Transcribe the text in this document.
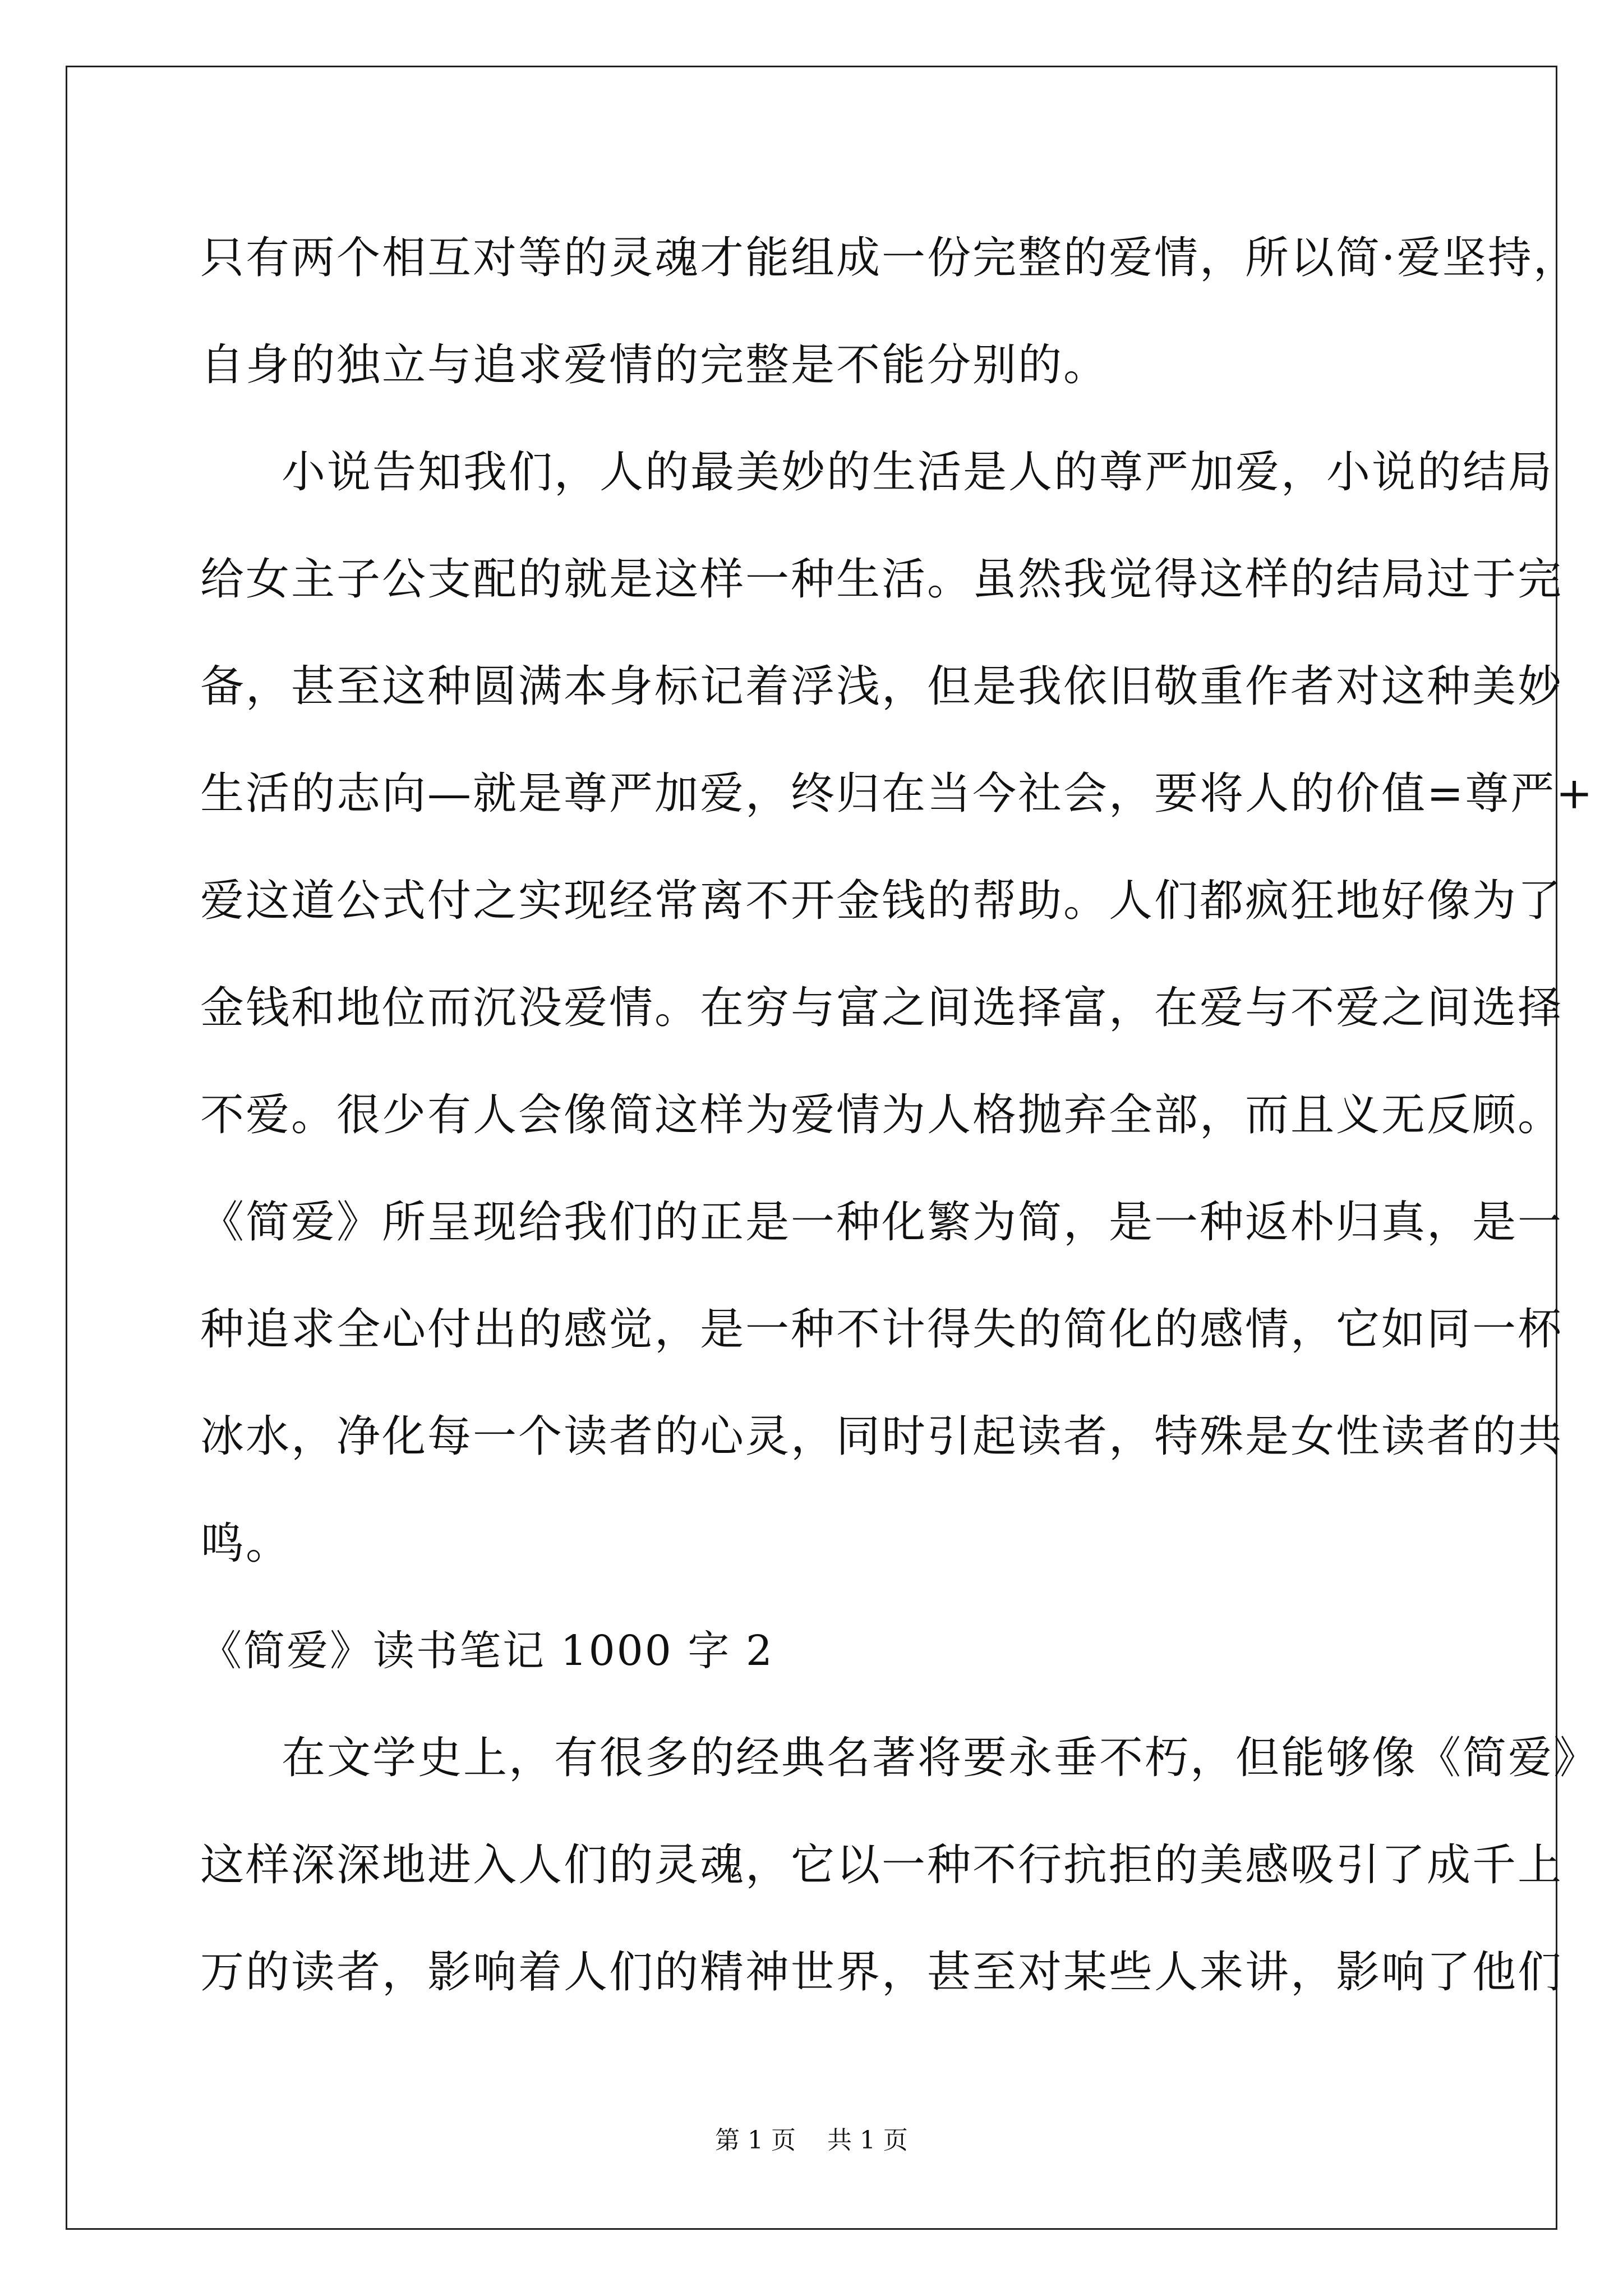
只有两个相互对等的灵魂才能组成一份完整的爱情，所以简·爱坚持，
自身的独立与追求爱情的完整是不能分别的。
小说告知我们，人的最美妙的生活是人的尊严加爱，小说的结局
给女主子公支配的就是这样一种生活。虽然我觉得这样的结局过于完
备，甚至这种圆满本身标记着浮浅，但是我依旧敬重作者对这种美妙
生活的志向—就是尊严加爱，终归在当今社会，要将人的价值=尊严+
爱这道公式付之实现经常离不开金钱的帮助。人们都疯狂地好像为了
金钱和地位而沉没爱情。在穷与富之间选择富，在爱与不爱之间选择
不爱。很少有人会像简这样为爱情为人格抛弃全部，而且义无反顾。
《简爱》所呈现给我们的正是一种化繁为简，是一种返朴归真，是一
种追求全心付出的感觉，是一种不计得失的简化的感情，它如同一杯
冰水，净化每一个读者的心灵，同时引起读者，特殊是女性读者的共
鸣。
《简爱》读书笔记 1000 字 2
在文学史上，有很多的经典名著将要永垂不朽，但能够像《简爱》
这样深深地进入人们的灵魂，它以一种不行抗拒的美感吸引了成千上
万的读者，影响着人们的精神世界，甚至对某些人来讲，影响了他们
第 1 页    共 1 页
